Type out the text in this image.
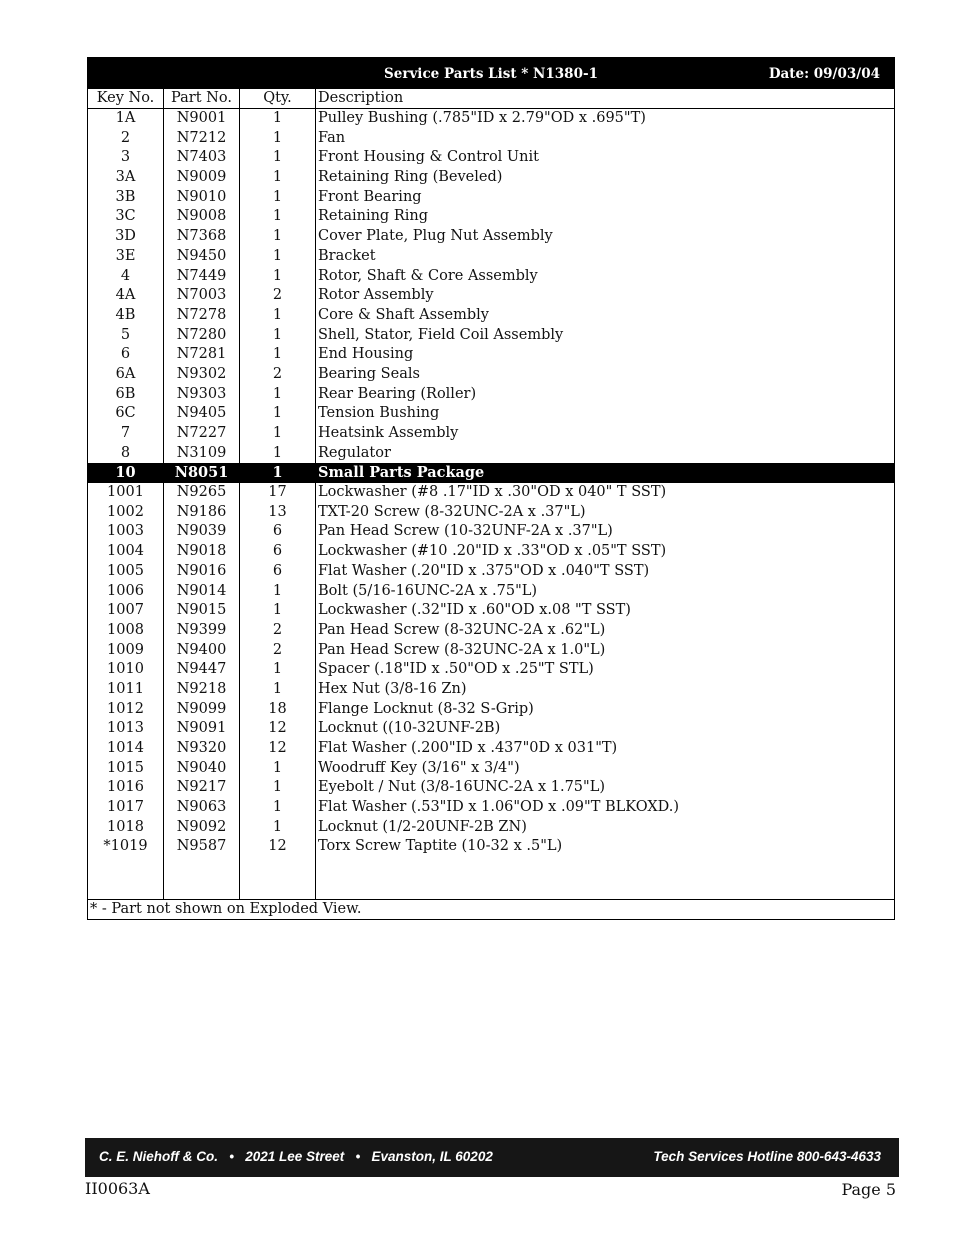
Service Parts List * N1380-1	Date: 09/03/04
Key No.	Part No.	Qty.	Description
1A	N9001	1	Pulley Bushing (.785"ID x 2.79"OD x .695"T)
2	N7212	1	Fan
3	N7403	1	Front Housing & Control Unit
3A	N9009	1	Retaining Ring (Beveled)
3B	N9010	1	Front Bearing
3C	N9008	1	Retaining Ring
3D	N7368	1	Cover Plate, Plug Nut Assembly
3E	N9450	1	Bracket
4	N7449	1	Rotor, Shaft & Core Assembly
4A	N7003	2	Rotor Assembly
4B	N7278	1	Core & Shaft Assembly
5	N7280	1	Shell, Stator, Field Coil Assembly
6	N7281	1	End Housing
6A	N9302	2	Bearing Seals
6B	N9303	1	Rear Bearing (Roller)
6C	N9405	1	Tension Bushing
7	N7227	1	Heatsink Assembly
8	N3109	1	Regulator
10	N8051	1	Small Parts Package
1001	N9265	17	Lockwasher (#8 .17"ID x .30"OD x 040" T SST)
1002	N9186	13	TXT-20 Screw (8-32UNC-2A x .37"L)
1003	N9039	6	Pan Head Screw (10-32UNF-2A x .37"L)
1004	N9018	6	Lockwasher (#10 .20"ID x .33"OD x .05"T SST)
1005	N9016	6	Flat Washer (.20"ID x .375"OD x .040"T SST)
1006	N9014	1	Bolt (5/16-16UNC-2A x .75"L)
1007	N9015	1	Lockwasher (.32"ID x .60"OD x.08 "T SST)
1008	N9399	2	Pan Head Screw (8-32UNC-2A x .62"L)
1009	N9400	2	Pan Head Screw (8-32UNC-2A x 1.0"L)
1010	N9447	1	Spacer (.18"ID x .50"OD x .25"T STL)
1011	N9218	1	Hex Nut (3/8-16 Zn)
1012	N9099	18	Flange Locknut (8-32 S-Grip)
1013	N9091	12	Locknut ((10-32UNF-2B)
1014	N9320	12	Flat Washer (.200"ID x .437"0D x 031"T)
1015	N9040	1	Woodruff Key (3/16" x 3/4")
1016	N9217	1	Eyebolt / Nut (3/8-16UNC-2A x 1.75"L)
1017	N9063	1	Flat Washer (.53"ID x 1.06"OD x .09"T BLKOXD.)
1018	N9092	1	Locknut (1/2-20UNF-2B ZN)
*1019	N9587	12	Torx Screw Taptite (10-32 x .5"L)
* - Part not shown on Exploded View.
C. E. Niehoff & Co.   •   2021 Lee Street   •   Evanston, IL 60202	Tech Services Hotline 800-643-4633
II0063A	Page 5
